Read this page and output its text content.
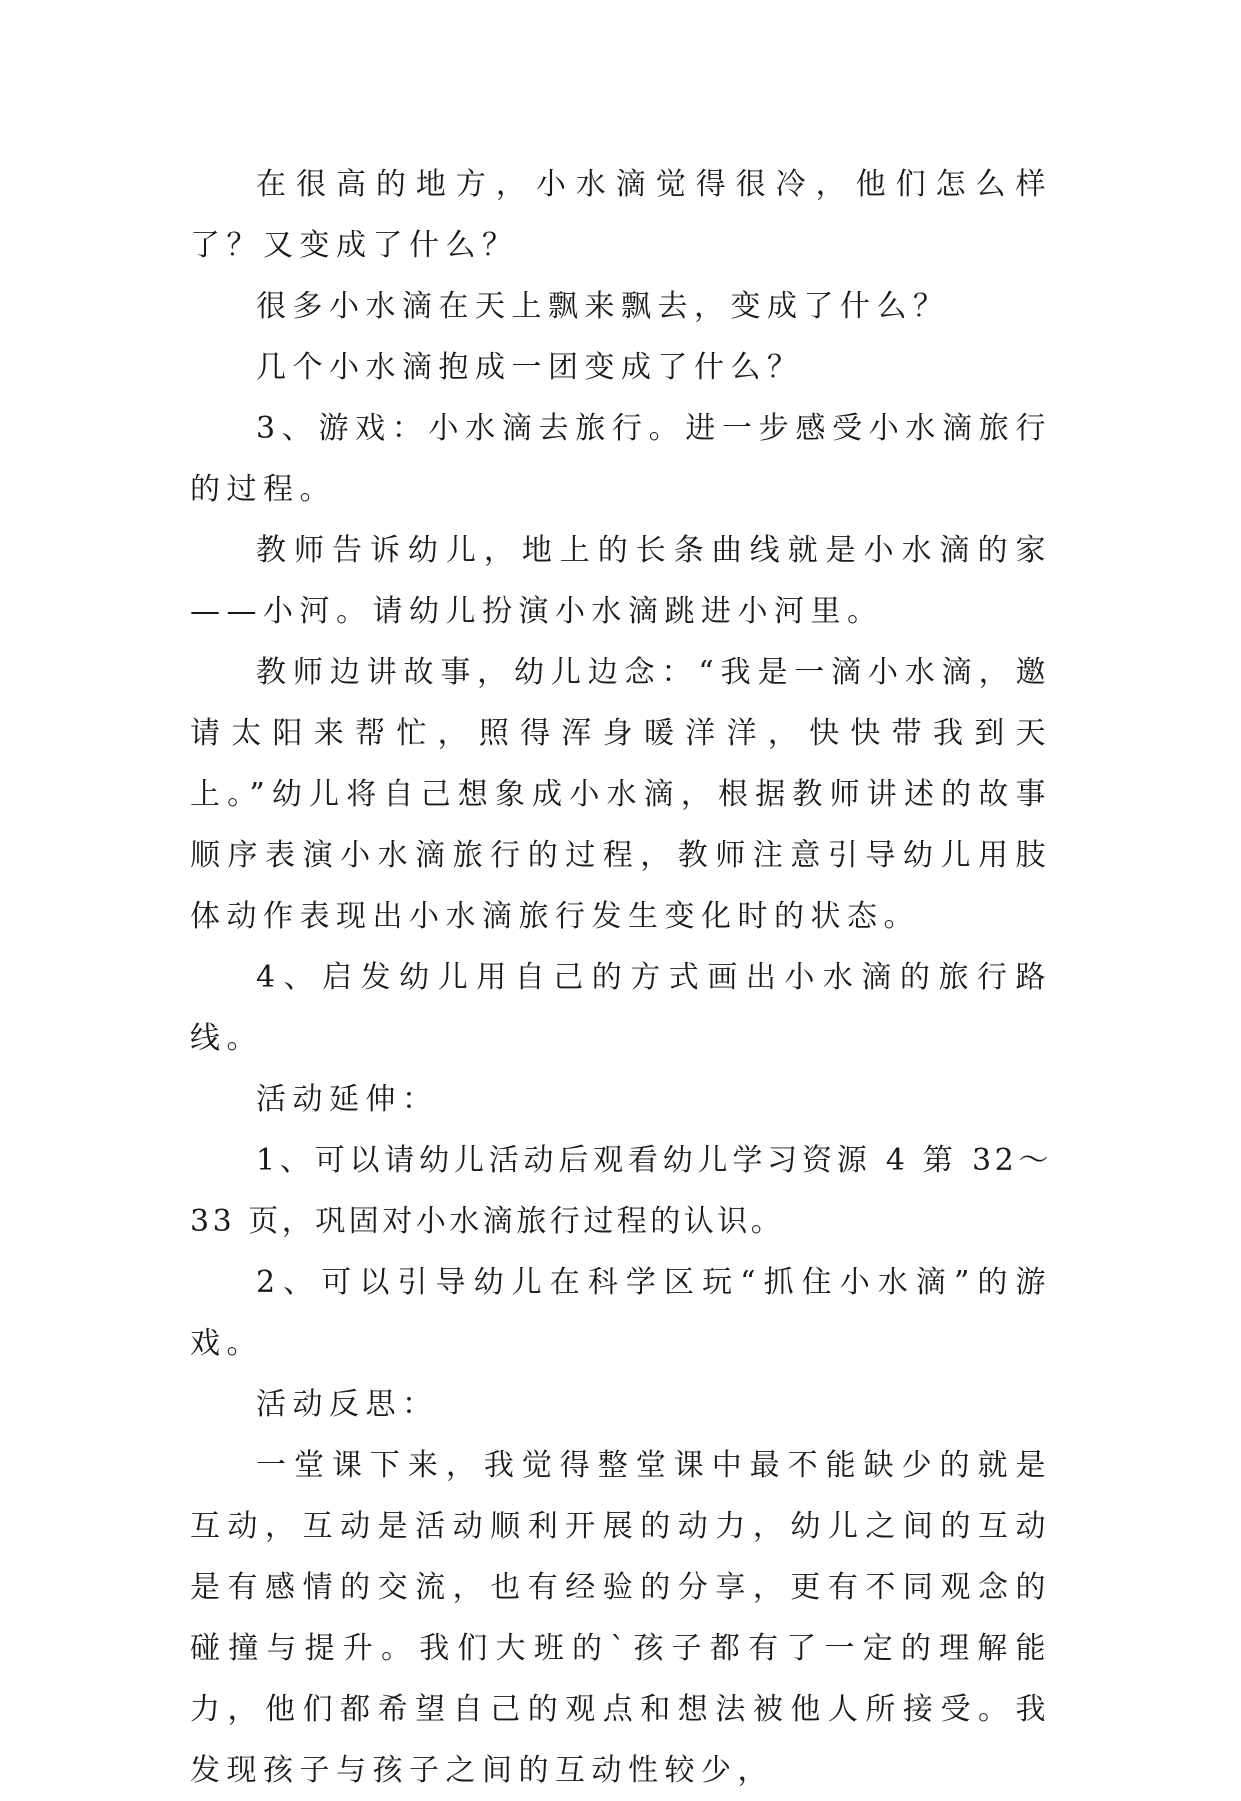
在很高的地方，小水滴觉得很冷，他们怎么样了？又变成了什么？

很多小水滴在天上飘来飘去，变成了什么？

几个小水滴抱成一团变成了什么？

3、游戏：小水滴去旅行。进一步感受小水滴旅行的过程。

教师告诉幼儿，地上的长条曲线就是小水滴的家——小河。请幼儿扮演小水滴跳进小河里。

教师边讲故事，幼儿边念：“我是一滴小水滴，邀请太阳来帮忙，照得浑身暖洋洋，快快带我到天上。”幼儿将自己想象成小水滴，根据教师讲述的故事顺序表演小水滴旅行的过程，教师注意引导幼儿用肢体动作表现出小水滴旅行发生变化时的状态。

4、启发幼儿用自己的方式画出小水滴的旅行路线。

活动延伸：

1、可以请幼儿活动后观看幼儿学习资源 4 第 32～33 页，巩固对小水滴旅行过程的认识。

2、可以引导幼儿在科学区玩“抓住小水滴”的游戏。

活动反思：

一堂课下来，我觉得整堂课中最不能缺少的就是互动，互动是活动顺利开展的动力，幼儿之间的互动是有感情的交流，也有经验的分享，更有不同观念的碰撞与提升。我们大班的`孩子都有了一定的理解能力，他们都希望自己的观点和想法被他人所接受。我发现孩子与孩子之间的互动性较少，
